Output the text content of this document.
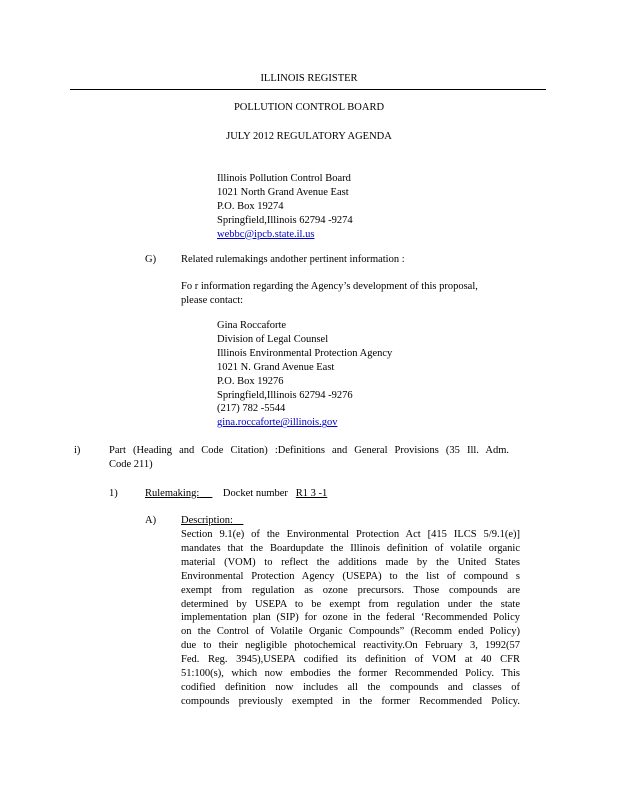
ILLINOIS REGISTER
POLLUTION CONTROL BOARD
JULY 2012 REGULATORY AGENDA
Illinois Pollution Control Board
1021 North Grand Avenue East
P.O. Box 19274
Springfield,Illinois 62794 -9274
webbc@ipcb.state.il.us
G) Related rulemakings andother pertinent information :
Fo r information regarding the Agency’s development of this proposal,
please contact:
Gina Roccaforte
Division of Legal Counsel
Illinois Environmental Protection Agency
1021 N. Grand Avenue East
P.O. Box 19276
Springfield,Illinois 62794 -9276
(217) 782 -5544
gina.roccaforte@illinois.gov
i)	Part (Heading and Code Citation) :Definitions and General Provisions (35 Ill. Adm.
Code 211)
1)	Rulemaking: Docket number R1 3 -1
A) Description:
Section 9.1(e) of the Environmental Protection Act [415 ILCS 5/9.1(e)]
mandates that the Boardupdate the Illinois definition of volatile organic
material (VOM) to reflect the additions made by the United States
Environmental Protection Agency (USEPA) to the list of compound s
exempt from regulation as ozone precursors. Those compounds are
determined by USEPA to be exempt from regulation under the state
implementation plan (SIP) for ozone in the federal ‘Recommended Policy
on the Control of Volatile Organic Compounds” (Recomm ended Policy)
due to their negligible photochemical reactivity.On February 3, 1992(57
Fed. Reg. 3945),USEPA codified its definition of VOM at 40 CFR
51:100(s), which now embodies the former Recommended Policy. This
codified definition now includes all the compounds and classes of
compounds previously exempted in the former Recommended Policy.
